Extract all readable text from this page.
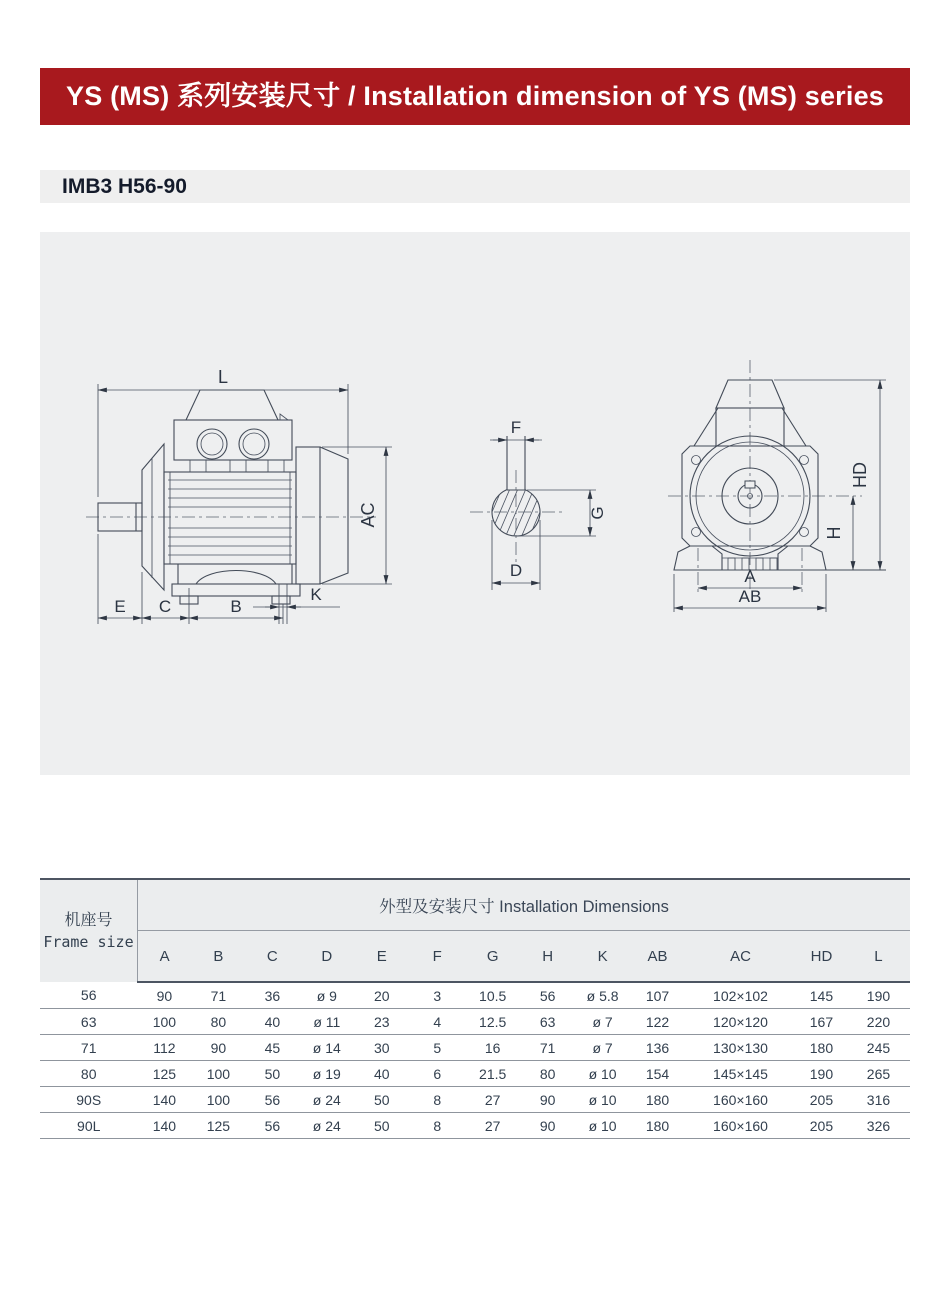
YS (MS) 系列安装尺寸 / Installation dimension of YS (MS) series motor
IMB3 H56-90
L
AC
E C	B
K
F
G
D
HD
H
A
AB
机座号
Frame size	外型及安装尺寸 Installation Dimensions												
	A	B	C	D	E	F	G	H	K	AB	AC	HD	L
56	90	71	36	ø 9	20	3	10.5	56	ø 5.8	107	102×102	145	190
63	100	80	40	ø 11	23	4	12.5	63	ø 7	122	120×120	167	220
71	112	90	45	ø 14	30	5	16	71	ø 7	136	130×130	180	245
80	125	100	50	ø 19	40	6	21.5	80	ø 10	154	145×145	190	265
90S	140	100	56	ø 24	50	8	27	90	ø 10	180	160×160	205	316
90L	140	125	56	ø 24	50	8	27	90	ø 10	180	160×160	205	326
